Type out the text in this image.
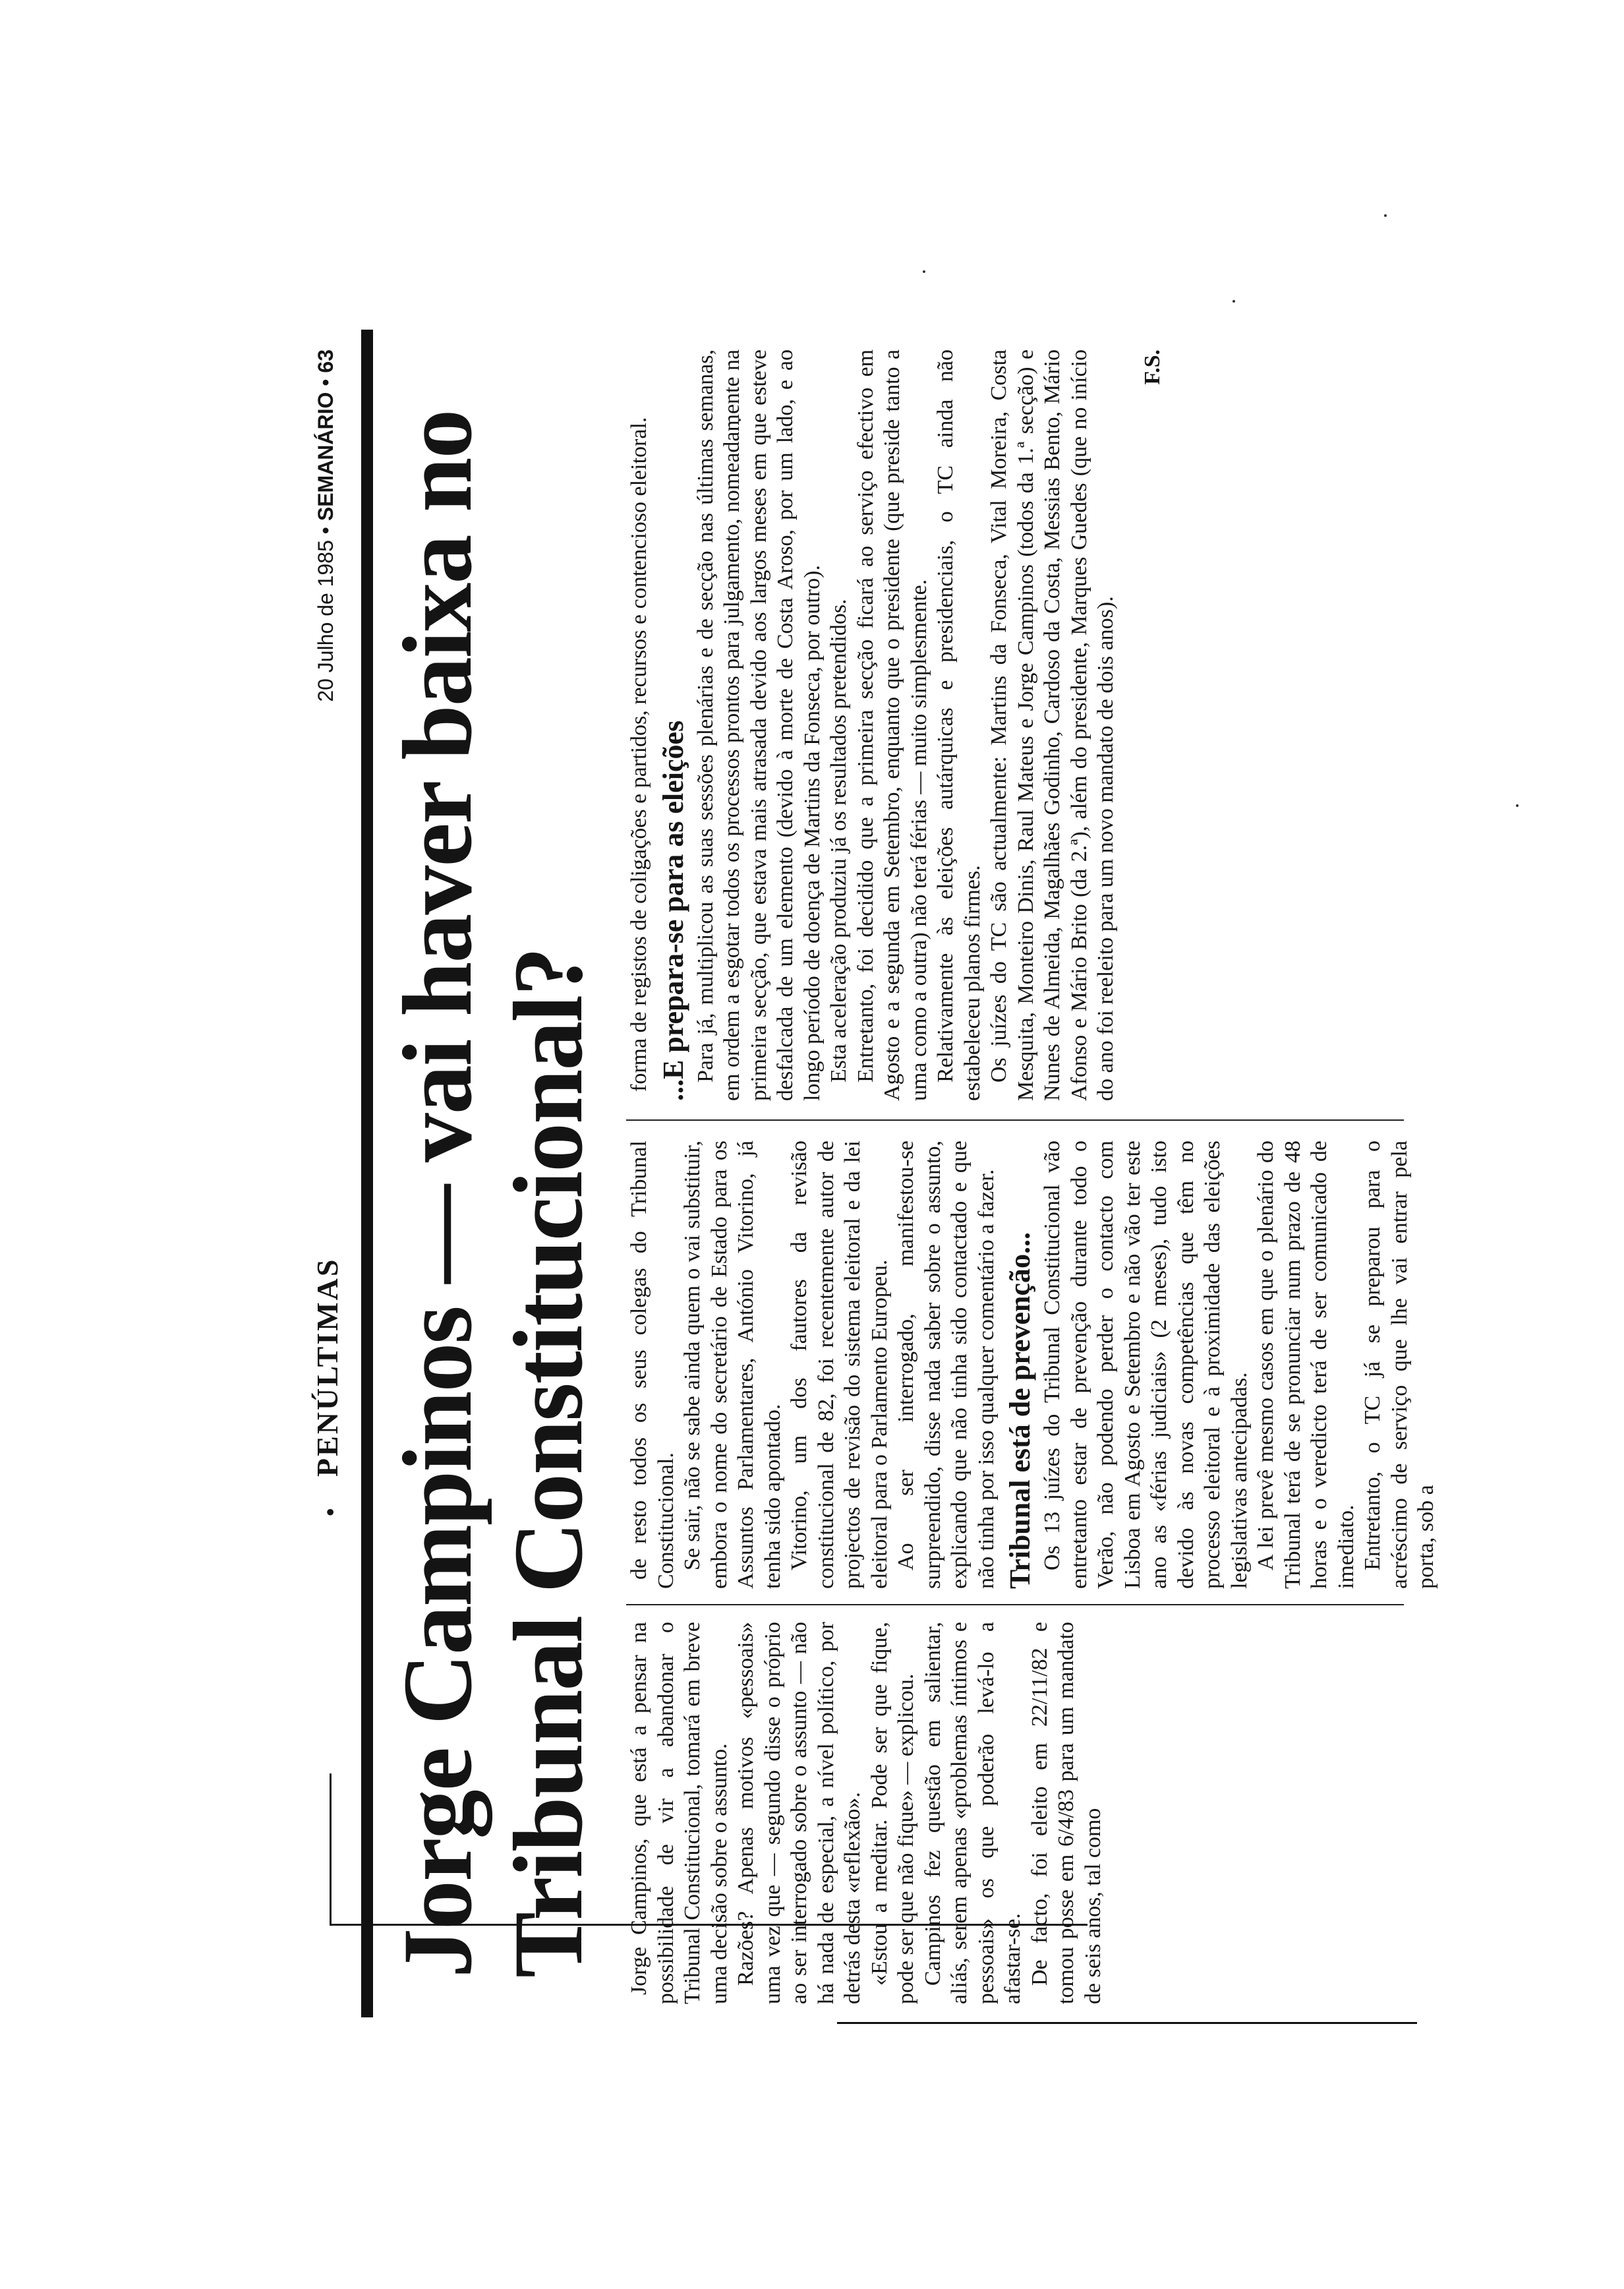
•
PENÚLTIMAS
20 Julho de 1985 • SEMANÁRIO • 63
Jorge Campinos — vai haver baixa no Tribunal Constitucional? Jorge Campinos, que está a pensar na possibilidade de vir a abandonar o Tribunal Constitucional, tomará em breve uma decisão sobre o assunto. Razões? Apenas motivos «pessoais» uma vez que — segundo disse o próprio ao ser interrogado sobre o assunto — não há nada de especial, a nível político, por detrás desta «reflexão». «Estou a meditar. Pode ser que fique, pode ser que não fique» — explicou. Campinos fez questão em salientar, aliás, serem apenas «problemas íntimos e pessoais» os que poderão levá-lo a afastar-se. De facto, foi eleito em 22/11/82 e tomou posse em 6/4/83 para um mandato de seis anos, tal como

de resto todos os seus colegas do Tribunal Constitucional. Se sair, não se sabe ainda quem o vai substituir, embora o nome do secretário de Estado para os Assuntos Parlamentares, António Vitorino, já tenha sido apontado. Vitorino, um dos fautores da revisão constitucional de 82, foi recentemente autor de projectos de revisão do sistema eleitoral e da lei eleitoral para o Parlamento Europeu. Ao ser interrogado, manifestou-se surpreendido, disse nada saber sobre o assunto, explicando que não tinha sido contactado e que não tinha por isso qualquer comentário a fazer. Tribunal está de prevenção... Os 13 juízes do Tribunal Constitucional vão entretanto estar de prevenção durante todo o Verão, não podendo perder o contacto com Lisboa em Agosto e Setembro e não vão ter este ano as «férias judiciais» (2 meses), tudo isto devido às novas competências que têm no processo eleitoral e à proximidade das eleições legislativas antecipadas. A lei prevê mesmo casos em que o plenário do Tribunal terá de se pronunciar num prazo de 48 horas e o veredicto terá de ser comunicado de imediato. Entretanto, o TC já se preparou para o acréscimo de serviço que lhe vai entrar pela porta, sob a

forma de registos de coligações e partidos, recursos e contencioso eleitoral. ...E prepara-se para as eleições Para já, multiplicou as suas sessões plenárias e de secção nas últimas semanas, em ordem a esgotar todos os processos prontos para julgamento, nomeadamente na primeira secção, que estava mais atrasada devido aos largos meses em que esteve desfalcada de um elemento (devido à morte de Costa Aroso, por um lado, e ao longo período de doença de Martins da Fonseca, por outro). Esta aceleração produziu já os resultados pretendidos. Entretanto, foi decidido que a primeira secção ficará ao serviço efectivo em Agosto e a segunda em Setembro, enquanto que o presidente (que preside tanto a uma como a outra) não terá férias — muito simplesmente. Relativamente às eleições autárquicas e presidenciais, o TC ainda não estabeleceu planos firmes. Os juízes do TC são actualmente: Martins da Fonseca, Vital Moreira, Costa Mesquita, Monteiro Dinis, Raul Mateus e Jorge Campinos (todos da 1.ª secção) e Nunes de Almeida, Magalhães Godinho, Cardoso da Costa, Messias Bento, Mário Afonso e Mário Brito (da 2.ª), além do presidente, Marques Guedes (que no início do ano foi reeleito para um novo mandato de dois anos).

F.S.
